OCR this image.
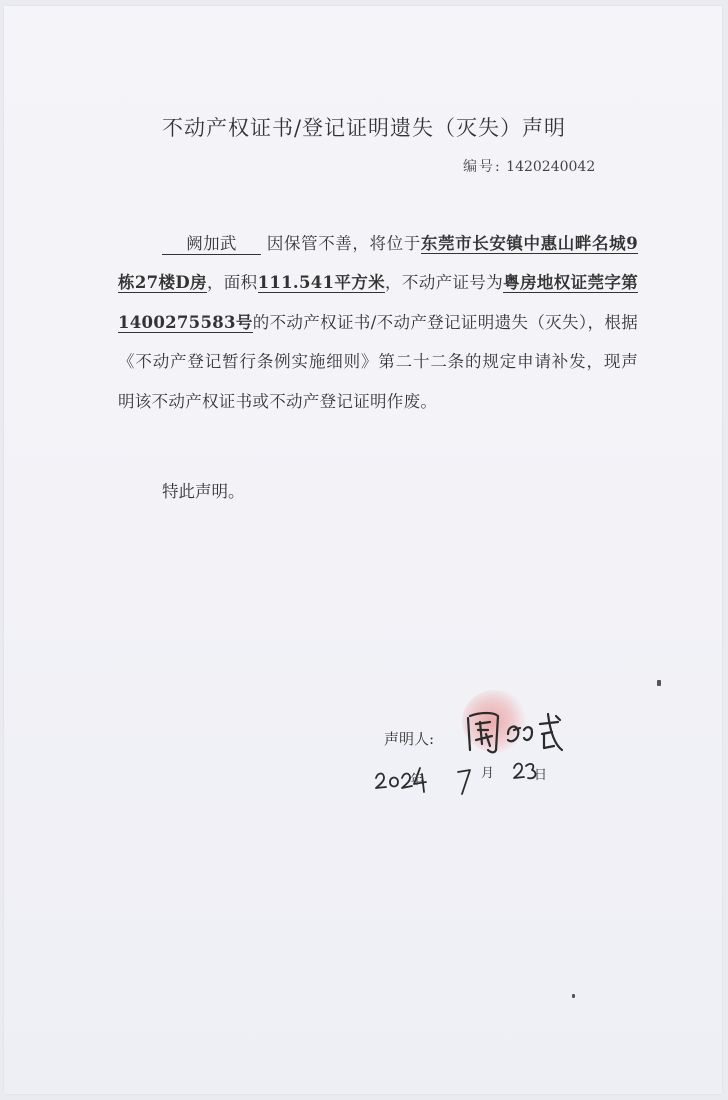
不动产权证书/登记证明遗失（灭失）声明
编号: 1420240042
阙加武 因保管不善，将位于东莞市长安镇中惠山畔名城9栋27楼D房，面积111.541平方米，不动产证号为粤房地权证莞字第1400275583号的不动产权证书/不动产登记证明遗失（灭失），根据《不动产登记暂行条例实施细则》第二十二条的规定申请补发，现声明该不动产权证书或不动产登记证明作废。
特此声明。
声明人:
年	月	日
